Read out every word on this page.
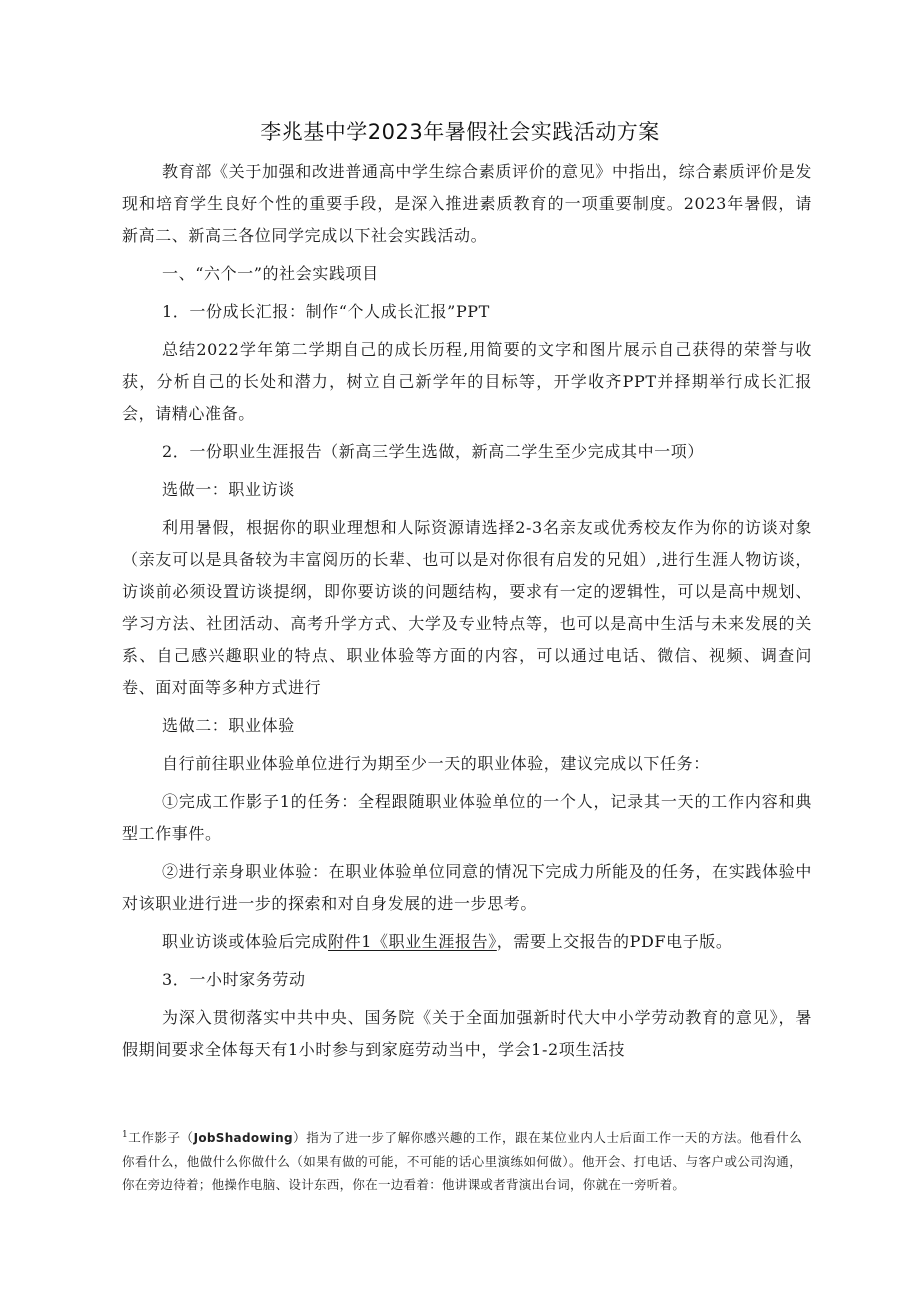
李兆基中学2023年暑假社会实践活动方案

教育部《关于加强和改进普通高中学生综合素质评价的意见》中指出，综合素质评价是发现和培育学生良好个性的重要手段，是深入推进素质教育的一项重要制度。2023年暑假，请新高二、新高三各位同学完成以下社会实践活动。

一、“六个一”的社会实践项目

1．一份成长汇报：制作“个人成长汇报”PPT

总结2022学年第二学期自己的成长历程,用简要的文字和图片展示自己获得的荣誉与收获，分析自己的长处和潜力，树立自己新学年的目标等，开学收齐PPT并择期举行成长汇报会，请精心准备。

2．一份职业生涯报告（新高三学生选做，新高二学生至少完成其中一项）

选做一：职业访谈

利用暑假，根据你的职业理想和人际资源请选择2-3名亲友或优秀校友作为你的访谈对象（亲友可以是具备较为丰富阅历的长辈、也可以是对你很有启发的兄姐）,进行生涯人物访谈，访谈前必须设置访谈提纲，即你要访谈的问题结构，要求有一定的逻辑性，可以是高中规划、学习方法、社团活动、高考升学方式、大学及专业特点等，也可以是高中生活与未来发展的关系、自己感兴趣职业的特点、职业体验等方面的内容，可以通过电话、微信、视频、调查问卷、面对面等多种方式进行

选做二：职业体验

自行前往职业体验单位进行为期至少一天的职业体验，建议完成以下任务：

①完成工作影子1的任务：全程跟随职业体验单位的一个人，记录其一天的工作内容和典型工作事件。

②进行亲身职业体验：在职业体验单位同意的情况下完成力所能及的任务，在实践体验中对该职业进行进一步的探索和对自身发展的进一步思考。

职业访谈或体验后完成附件1《职业生涯报告》，需要上交报告的PDF电子版。

3．一小时家务劳动

为深入贯彻落实中共中央、国务院《关于全面加强新时代大中小学劳动教育的意见》，暑假期间要求全体每天有1小时参与到家庭劳动当中，学会1-2项生活技

$^1$工作影子（JobShadowing）指为了进一步了解你感兴趣的工作，跟在某位业内人士后面工作一天的方法。他看什么你看什么，他做什么你做什么（如果有做的可能，不可能的话心里演练如何做）。他开会、打电话、与客户或公司沟通，你在旁边待着；他操作电脑、设计东西，你在一边看着：他讲课或者背演出台词，你就在一旁听着。
